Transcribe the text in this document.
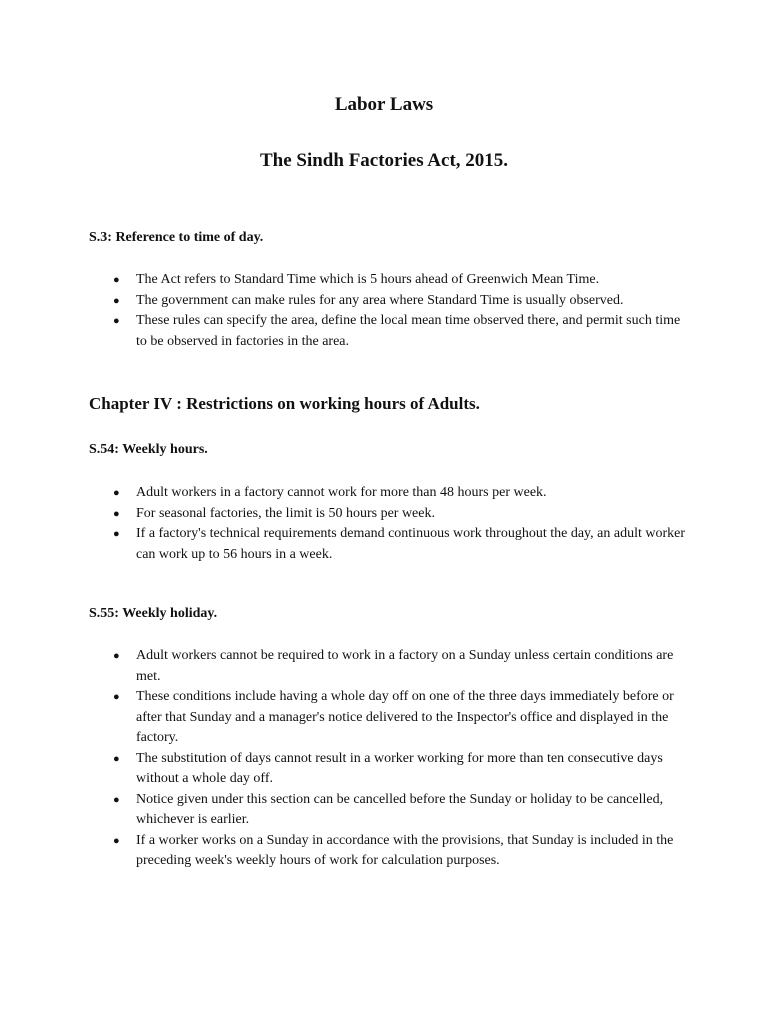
Labor Laws
The Sindh Factories Act, 2015.
S.3: Reference to time of day.
● The Act refers to Standard Time which is 5 hours ahead of Greenwich Mean Time.
● The government can make rules for any area where Standard Time is usually observed.
● These rules can specify the area, define the local mean time observed there, and permit such time to be observed in factories in the area.
Chapter IV : Restrictions on working hours of Adults.
S.54: Weekly hours.
● Adult workers in a factory cannot work for more than 48 hours per week.
● For seasonal factories, the limit is 50 hours per week.
● If a factory's technical requirements demand continuous work throughout the day, an adult worker can work up to 56 hours in a week.
S.55: Weekly holiday.
● Adult workers cannot be required to work in a factory on a Sunday unless certain conditions are met.
● These conditions include having a whole day off on one of the three days immediately before or after that Sunday and a manager's notice delivered to the Inspector's office and displayed in the factory.
● The substitution of days cannot result in a worker working for more than ten consecutive days without a whole day off.
● Notice given under this section can be cancelled before the Sunday or holiday to be cancelled, whichever is earlier.
● If a worker works on a Sunday in accordance with the provisions, that Sunday is included in the preceding week's weekly hours of work for calculation purposes.
